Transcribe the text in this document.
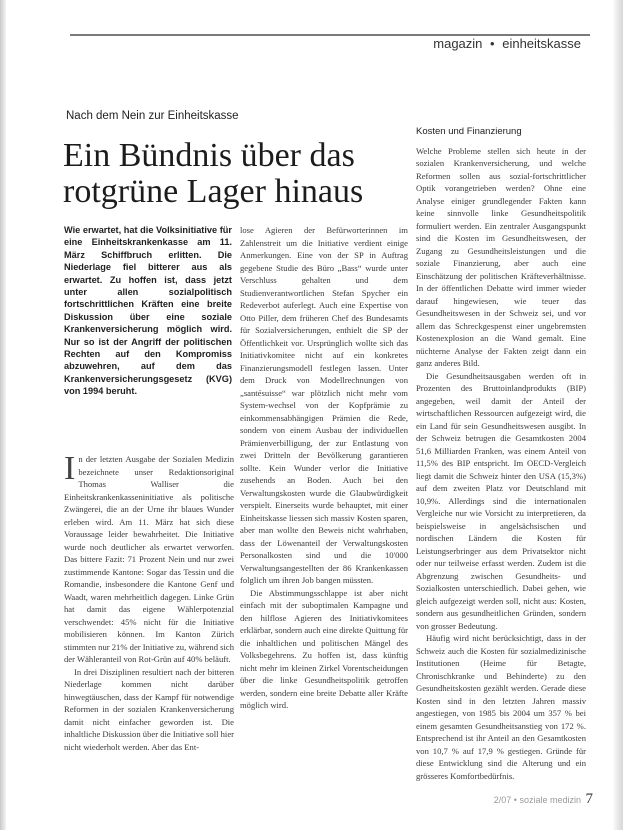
magazin • einheitskasse
Nach dem Nein zur Einheitskasse
Ein Bündnis über das rotgrüne Lager hinaus
Wie erwartet, hat die Volksinitiative für eine Einheitskrankenkasse am 11. März Schiffbruch erlitten. Die Niederlage fiel bitterer aus als erwartet. Zu hoffen ist, dass jetzt unter allen sozialpolitisch fortschrittlichen Kräften eine breite Diskussion über eine soziale Krankenversicherung möglich wird. Nur so ist der Angriff der politischen Rechten auf den Kompromiss abzuwehren, auf dem das Krankenversicherungsgesetz (KVG) von 1994 beruht.
I n der letzten Ausgabe der Sozialen Medizin bezeichnete unser Redaktionsoriginal Thomas Walliser die Einheitskrankenkasseninitiative als politische Zwängerei, die an der Urne ihr blaues Wunder erleben wird. Am 11. März hat sich diese Voraussage leider bewahrheitet. Die Initiative wurde noch deutlicher als erwartet verworfen. Das bittere Fazit: 71 Prozent Nein und nur zwei zustimmende Kantone: Sogar das Tessin und die Romandie, insbesondere die Kantone Genf und Waadt, waren mehrheitlich dagegen. Linke Grün hat damit das eigene Wählerpotenzial verschwendet: 45% nicht für die Initiative mobilisieren können. Im Kanton Zürich stimmten nur 21% der Initiative zu, während sich der Wähleranteil von Rot-Grün auf 40% beläuft.

In drei Disziplinen resultiert nach der bitteren Niederlage kommen nicht darüber hinwegtäuschen, dass der Kampf für notwendige Reformen in der sozialen Krankenversicherung damit nicht einfacher geworden ist. Die inhaltliche Diskussion über die Initiative soll hier nicht wiederholt werden. Aber das Ent-

lose Agieren der Befürworterinnen im Zahlenstreit um die Initiative verdient einige Anmerkungen. Eine von der SP in Auftrag gegebene Studie des Büro „Bass“ wurde unter Verschluss gehalten und dem Studienverantwortlichen Stefan Spycher ein Redeverbot auferlegt. Auch eine Expertise von Otto Piller, dem früheren Chef des Bundesamts für Sozialversicherungen, enthielt die SP der Öffentlichkeit vor. Ursprünglich wollte sich das Initiativkomitee nicht auf ein konkretes Finanzierungsmodell festlegen lassen. Unter dem Druck von Modellrechnungen von „santésuisse“ war plötzlich nicht mehr vom System-wechsel von der Kopfprämie zu einkommensabhängigen Prämien die Rede, sondern von einem Ausbau der individuellen Prämienverbilligung, der zur Entlastung von zwei Dritteln der Bevölkerung garantieren sollte. Kein Wunder verlor die Initiative zusehends an Boden. Auch bei den Verwaltungskosten wurde die Glaubwürdigkeit verspielt. Einerseits wurde behauptet, mit einer Einheitskasse liessen sich massiv Kosten sparen, aber man wollte den Beweis nicht wahrhaben, dass der Löwenanteil der Verwaltungskosten Personalkosten sind und die 10'000 Verwaltungsangestellten der 86 Krankenkassen folglich um ihren Job bangen müssten.

Die Abstimmungsschlappe ist aber nicht einfach mit der suboptimalen Kampagne und den hilflose Agieren des Initiativkomitees erklärbar, sondern auch eine direkte Quittung für die inhaltlichen und politischen Mängel des Volksbegehrens. Zu hoffen ist, dass künftig nicht mehr im kleinen Zirkel Vorentscheidungen über die linke Gesundheitspolitik getroffen werden, sondern eine breite Debatte aller Kräfte möglich wird.

Kosten und Finanzierung

Welche Probleme stellen sich heute in der sozialen Krankenversicherung, und welche Reformen sollen aus sozial-fortschrittlicher Optik vorangetrieben werden? Ohne eine Analyse einiger grundlegender Fakten kann keine sinnvolle linke Gesundheitspolitik formuliert werden. Ein zentraler Ausgangspunkt sind die Kosten im Gesundheitswesen, der Zugang zu Gesundheitsleistungen und die soziale Finanzierung, aber auch eine Einschätzung der politischen Kräfteverhältnisse. In der öffentlichen Debatte wird immer wieder darauf hingewiesen, wie teuer das Gesundheitswesen in der Schweiz sei, und vor allem das Schreckgespenst einer ungebremsten Kostenexplosion an die Wand gemalt. Eine nüchterne Analyse der Fakten zeigt dann ein ganz anderes Bild.

Die Gesundheitsausgaben werden oft in Prozenten des Bruttoinlandprodukts (BIP) angegeben, weil damit der Anteil der wirtschaftlichen Ressourcen aufgezeigt wird, die ein Land für sein Gesundheitswesen ausgibt. In der Schweiz betrugen die Gesamtkosten 2004 51,6 Milliarden Franken, was einem Anteil von 11,5% des BIP entspricht. Im OECD-Vergleich liegt damit die Schweiz hinter den USA (15,3%) auf dem zweiten Platz vor Deutschland mit 10,9%. Allerdings sind die internationalen Vergleiche nur wie Vorsicht zu interpretieren, da beispielsweise in angelsächsischen und nordischen Ländern die Kosten für Leistungserbringer aus dem Privatsektor nicht oder nur teilweise erfasst werden. Zudem ist die Abgrenzung zwischen Gesundheits- und Sozialkosten unterschiedlich. Dabei gehen, wie gleich aufgezeigt werden soll, nicht aus: Kosten, sondern aus gesundheitlichen Gründen, sondern von grosser Bedeutung.

Häufig wird nicht berücksichtigt, dass in der Schweiz auch die Kosten für sozialmedizinische Institutionen (Heime für Betagte, Chronischkranke und Behinderte) zu den Gesundheitskosten gezählt werden. Gerade diese Kosten sind in den letzten Jahren massiv angestiegen, von 1985 bis 2004 um 357 % bei einem gesamten Gesundheitsanstieg von 172 %. Entsprechend ist ihr Anteil an den Gesamtkosten von 10,7 % auf 17,9 % gestiegen. Gründe für diese Entwicklung sind die Alterung und ein grösseres Komfortbedürfnis.

2/07 • soziale medizin 7
